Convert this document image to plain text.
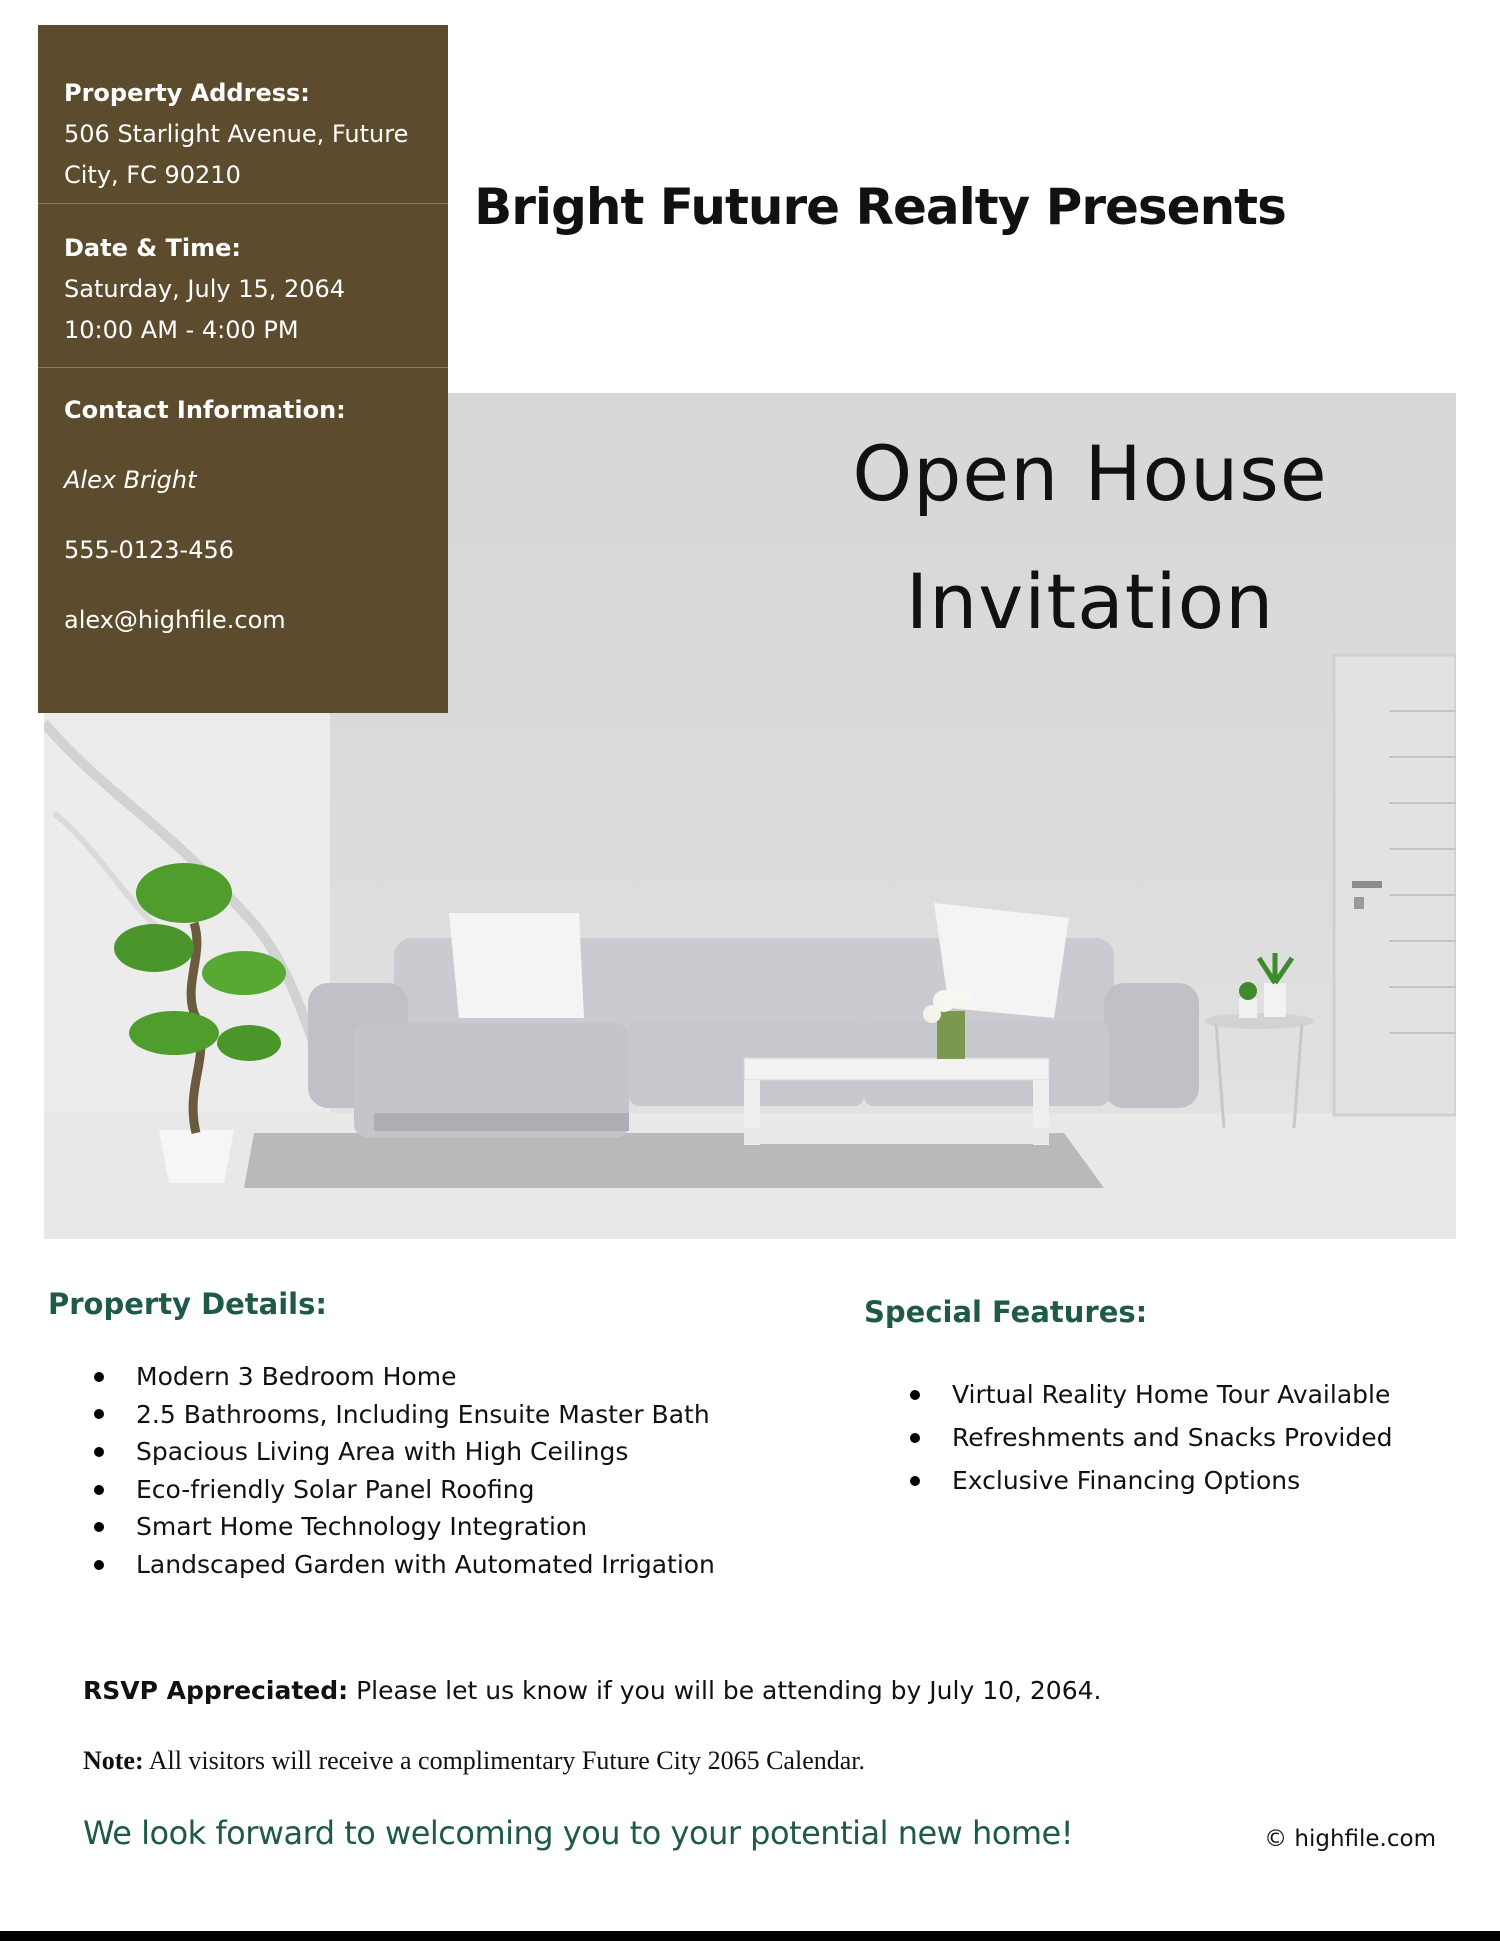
Property Address:
506 Starlight Avenue, Future
City, FC 90210
Date & Time:
Saturday, July 15, 2064
10:00 AM - 4:00 PM
Contact Information:
Alex Bright
555-0123-456
alex@highfile.com
Bright Future Realty Presents
Open House
Invitation
Property Details:
Modern 3 Bedroom Home
2.5 Bathrooms, Including Ensuite Master Bath
Spacious Living Area with High Ceilings
Eco-friendly Solar Panel Roofing
Smart Home Technology Integration
Landscaped Garden with Automated Irrigation
Special Features:
Virtual Reality Home Tour Available
Refreshments and Snacks Provided
Exclusive Financing Options
RSVP Appreciated: Please let us know if you will be attending by July 10, 2064.
Note: All visitors will receive a complimentary Future City 2065 Calendar.
We look forward to welcoming you to your potential new home!	© highfile.com
